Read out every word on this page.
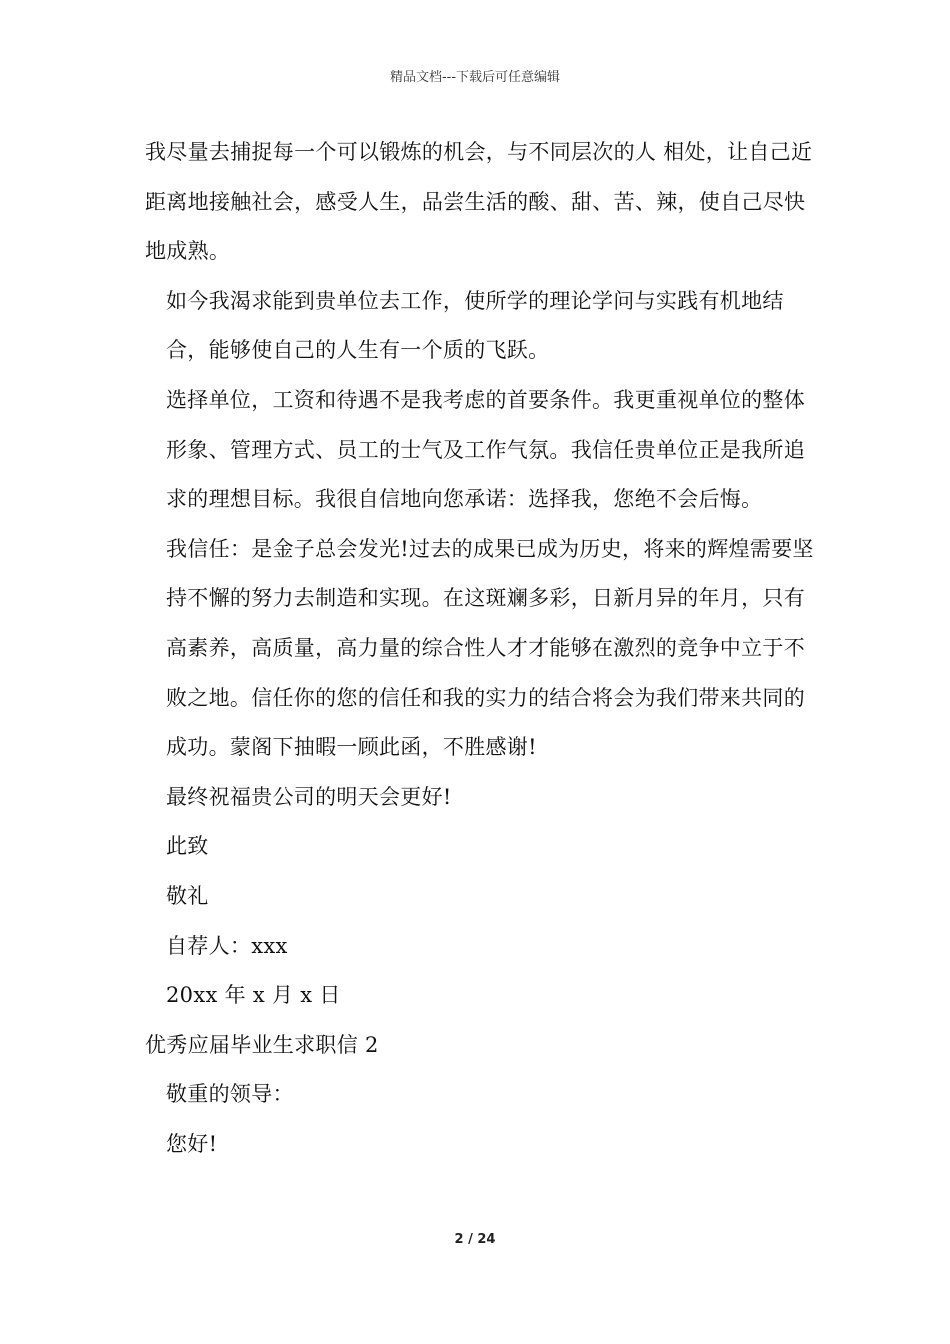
精品文档---下载后可任意编辑

我尽量去捕捉每一个可以锻炼的机会，与不同层次的人 相处，让自己近距离地接触社会，感受人生，品尝生活的酸、甜、苦、辣，使自己尽快地成熟。

如今我渴求能到贵单位去工作，使所学的理论学问与实践有机地结合，能够使自己的人生有一个质的飞跃。

选择单位，工资和待遇不是我考虑的首要条件。我更重视单位的整体形象、管理方式、员工的士气及工作气氛。我信任贵单位正是我所追求的理想目标。我很自信地向您承诺：选择我，您绝不会后悔。

我信任：是金子总会发光!过去的成果已成为历史，将来的辉煌需要坚持不懈的努力去制造和实现。在这斑斓多彩，日新月异的年月，只有高素养，高质量，高力量的综合性人才才能够在激烈的竞争中立于不败之地。信任你的您的信任和我的实力的结合将会为我们带来共同的成功。蒙阁下抽暇一顾此函，不胜感谢!

最终祝福贵公司的明天会更好!

此致

敬礼

自荐人：xxx

20xx 年 x 月 x 日

优秀应届毕业生求职信 2

敬重的领导：

您好!

2 / 24
